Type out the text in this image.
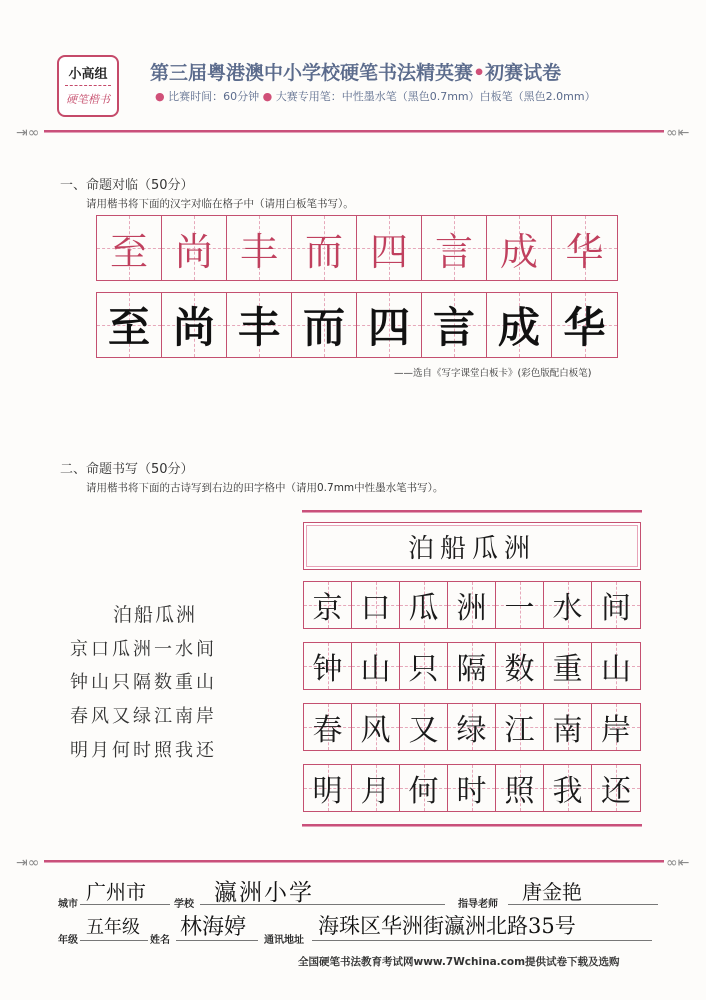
小高组
硬笔楷书
第三届粤港澳中小学校硬笔书法精英赛•初赛试卷
● 比赛时间：60分钟 ● 大赛专用笔：中性墨水笔（黑色0.7mm）白板笔（黑色2.0mm）
⇥∞	∞⇤
一、命题对临（50分）
请用楷书将下面的汉字对临在格子中（请用白板笔书写）。
至 尚 丰 而 四 言 成 华
至 尚 丰 而 四 言 成 华
——选自《写字课堂白板卡》(彩色版配白板笔)
二、命题书写（50分）
请用楷书将下面的古诗写到右边的田字格中（请用0.7mm中性墨水笔书写）。
泊船瓜洲
京口瓜洲一水间
钟山只隔数重山
春风又绿江南岸
明月何时照我还
泊船瓜洲
京 口 瓜 洲 一 水 间
钟 山 只 隔 数 重 山
春 风 又 绿 江 南 岸
明 月 何 时 照 我 还
⇥∞	∞⇤
城市
广州市
学校 瀛洲小学	指导老师
唐金艳
年级
五年级
姓名
林海婷
通讯地址
海珠区华洲街瀛洲北路35号
全国硬笔书法教育考试网www.7Wchina.com提供试卷下载及选购
